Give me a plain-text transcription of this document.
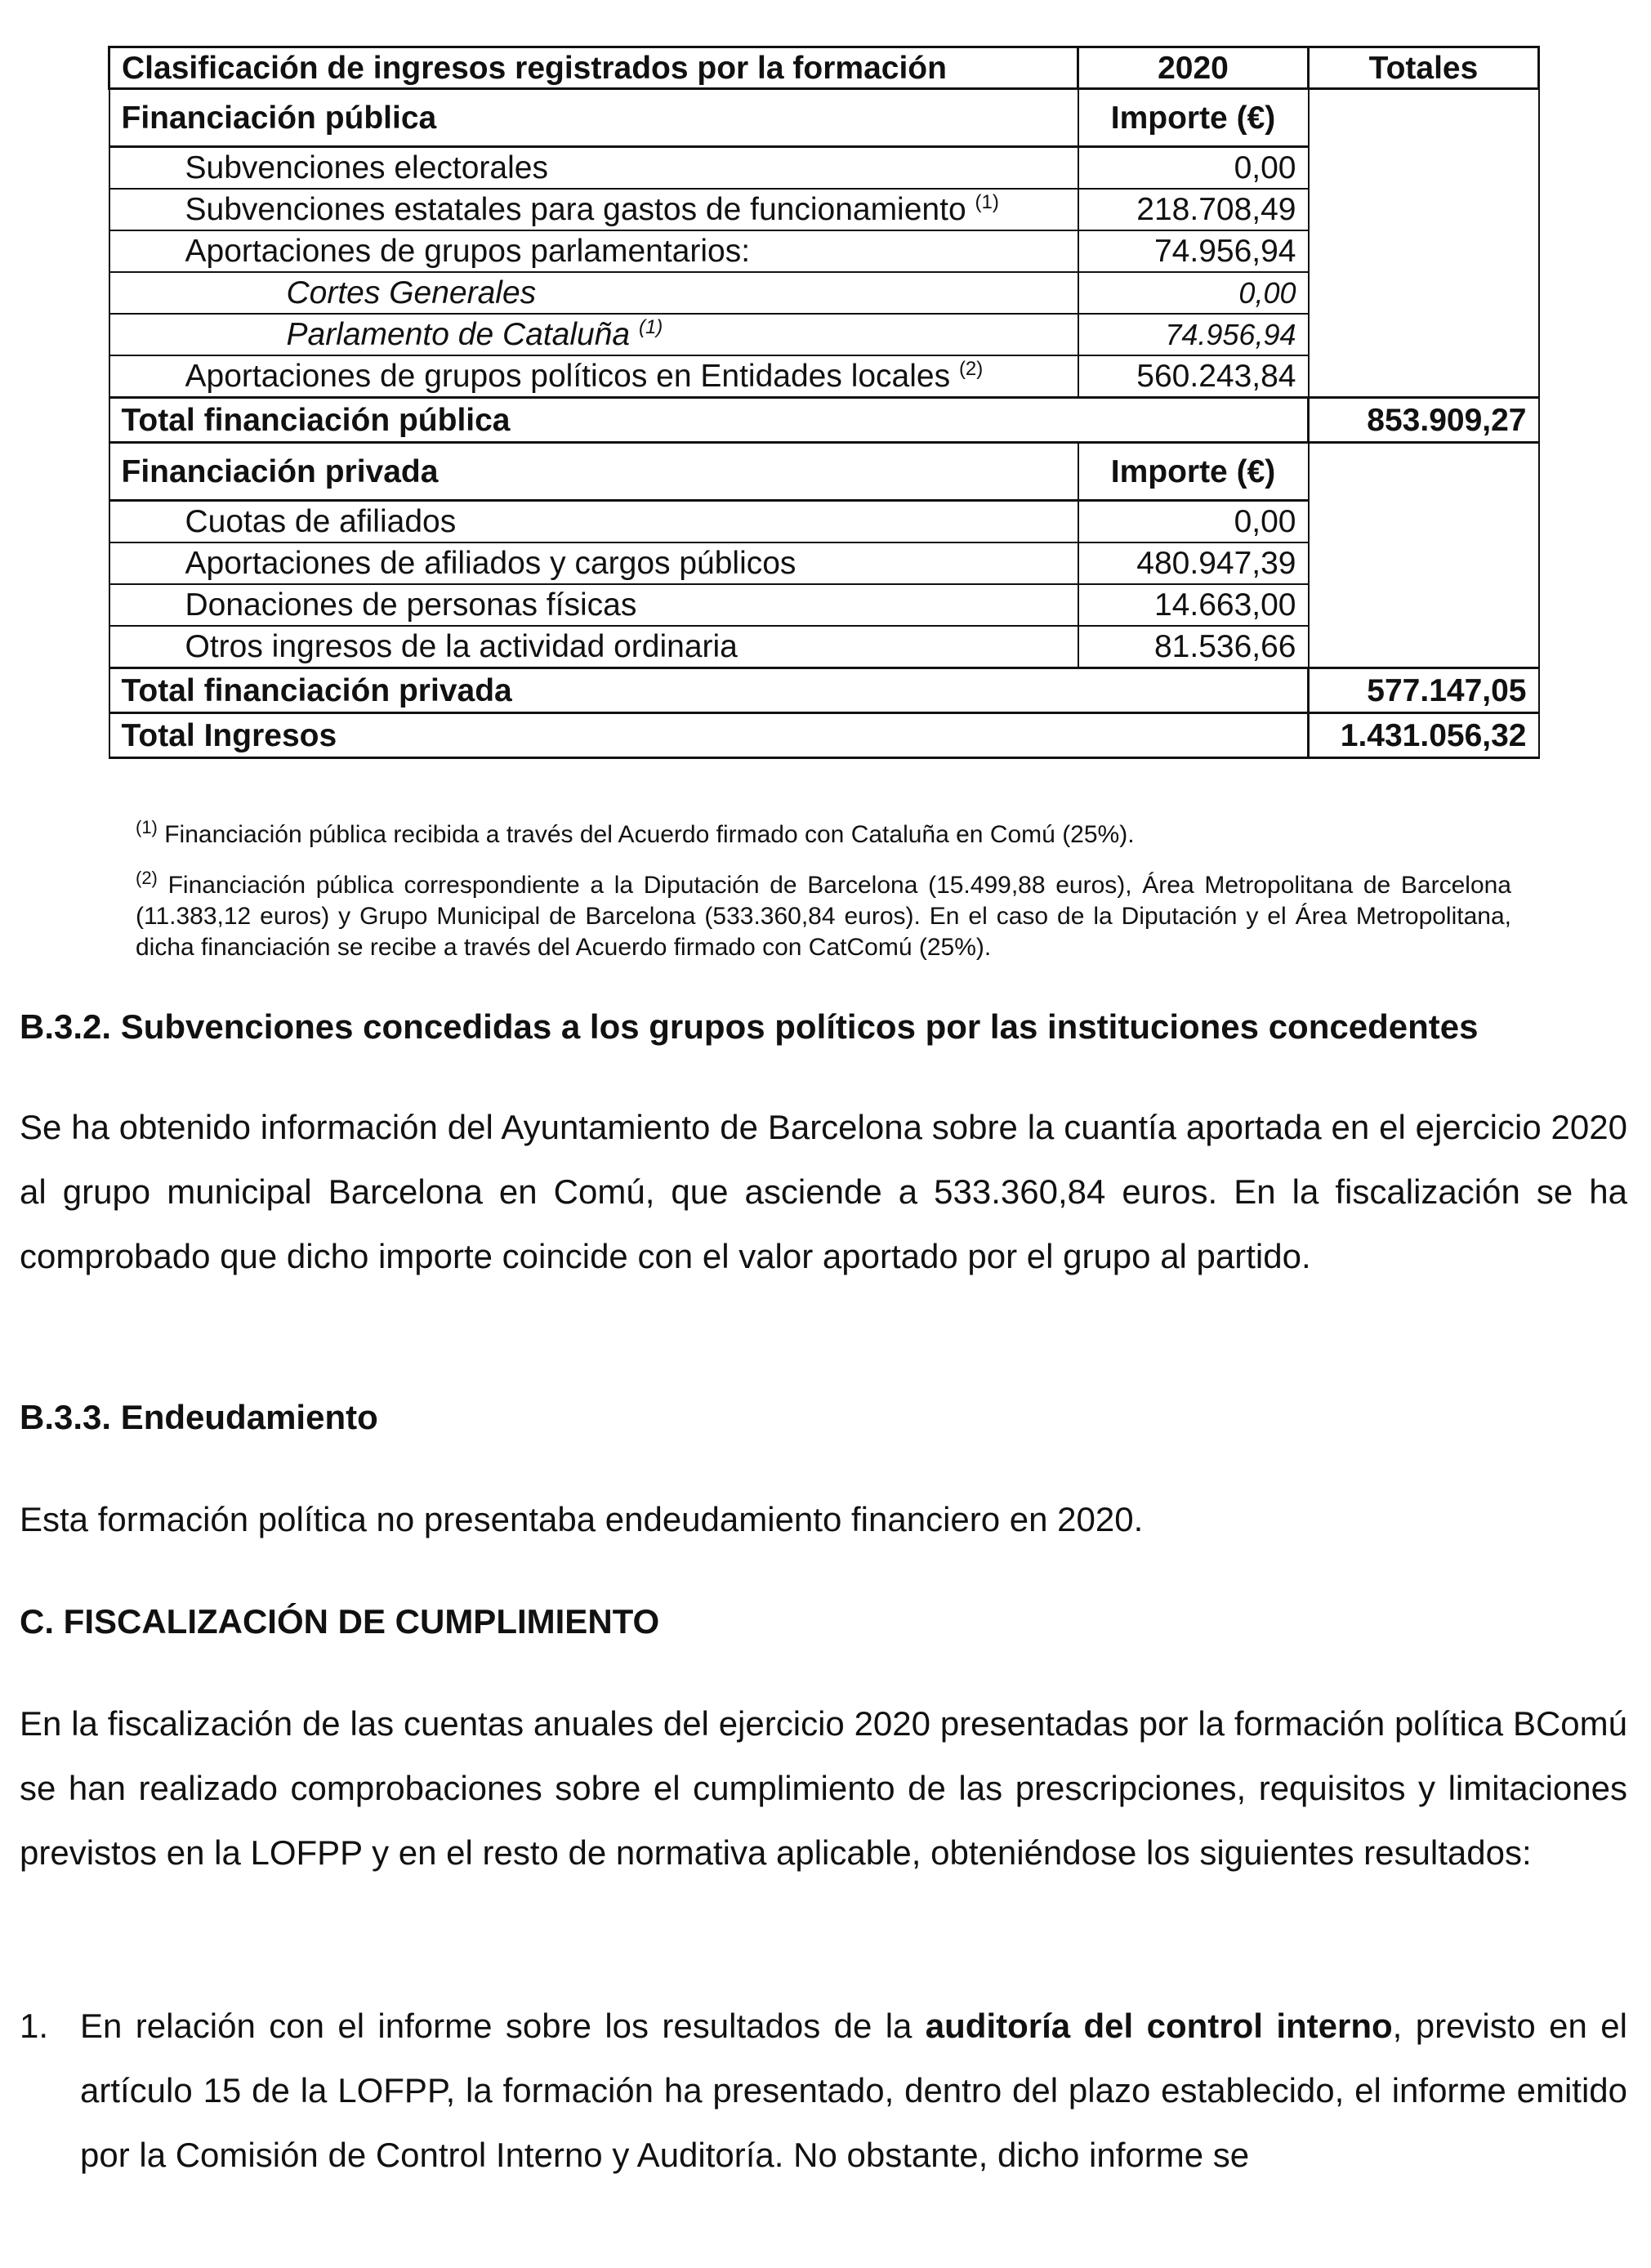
Clasificación de ingresos registrados por la formación	2020	Totales
Financiación pública	Importe (€)	
Subvenciones electorales	0,00	
Subvenciones estatales para gastos de funcionamiento $^{(1)}$	218.708,49	
Aportaciones de grupos parlamentarios:	74.956,94	
Cortes Generales	0,00	
Parlamento de Cataluña $^{(1)}$	74.956,94	
Aportaciones de grupos políticos en Entidades locales $^{(2)}$	560.243,84	
Total financiación pública		853.909,27
Financiación privada	Importe (€)	
Cuotas de afiliados	0,00	
Aportaciones de afiliados y cargos públicos	480.947,39	
Donaciones de personas físicas	14.663,00	
Otros ingresos de la actividad ordinaria	81.536,66	
Total financiación privada		577.147,05
Total Ingresos		1.431.056,32
$^{(1)}$ Financiación pública recibida a través del Acuerdo firmado con Cataluña en Comú (25%).
$^{(2)}$ Financiación pública correspondiente a la Diputación de Barcelona (15.499,88 euros), Área Metropolitana de Barcelona (11.383,12 euros) y Grupo Municipal de Barcelona (533.360,84 euros). En el caso de la Diputación y el Área Metropolitana, dicha financiación se recibe a través del Acuerdo firmado con CatComú (25%).
B.3.2. Subvenciones concedidas a los grupos políticos por las instituciones concedentes

Se ha obtenido información del Ayuntamiento de Barcelona sobre la cuantía aportada en el ejercicio 2020 al grupo municipal Barcelona en Comú, que asciende a 533.360,84 euros. En la fiscalización se ha comprobado que dicho importe coincide con el valor aportado por el grupo al partido.

B.3.3. Endeudamiento

Esta formación política no presentaba endeudamiento financiero en 2020.

C. FISCALIZACIÓN DE CUMPLIMIENTO

En la fiscalización de las cuentas anuales del ejercicio 2020 presentadas por la formación política BComú se han realizado comprobaciones sobre el cumplimiento de las prescripciones, requisitos y limitaciones previstos en la LOFPP y en el resto de normativa aplicable, obteniéndose los siguientes resultados:

1. En relación con el informe sobre los resultados de la auditoría del control interno, previsto en el artículo 15 de la LOFPP, la formación ha presentado, dentro del plazo establecido, el informe emitido por la Comisión de Control Interno y Auditoría. No obstante, dicho informe se
